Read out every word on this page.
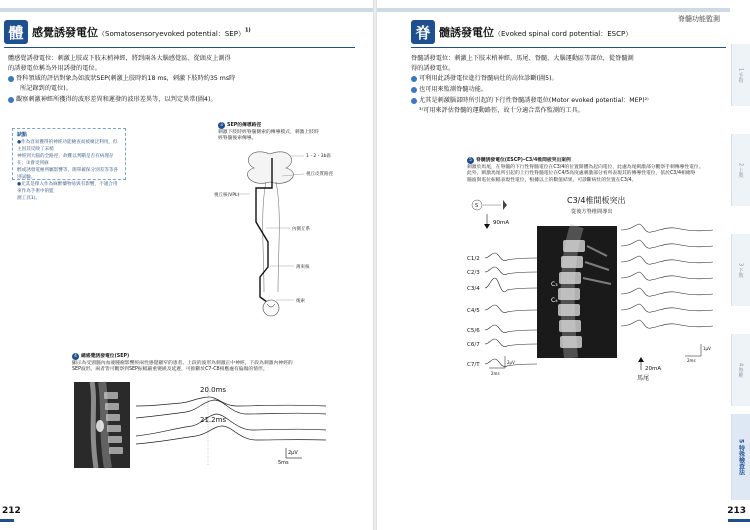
體 感覺誘發電位（Somatosensoryevoked potential：SEP）$^{1)}$
體感覺誘發電位：刺激上肢或下肢末梢神經，將到兩各大腦感覺區、從頭皮上測得
的誘發電位稱為外用誘發的電位。
脊科領域的評估對象為如波狀SEP(刺激上肢時約18 ms，刺激下肢時約35 ms時
所記錄到的電位)。
觀察刺激神經所獲得的波形差異和遲發的波形差異等，以判定異常(圖4)。
缺點
●作為容易獲得的神經功能檢查而被廣泛利用，但主因其反映了末梢
神經到大腦的全路徑，故難以判斷是否有病理存在；②會受到麻
醉或誘發電極所屬影響等，簡單確保分別差等等各別試驗。
●尤其是擇入作為麻醉藥物易與有影響，不適合用來作為手術中的監
測工具1)。
3 SEP的傳導路徑
刺激下肢時經脊髓側索的傳導模式，刺激上肢時
經脊髓後索傳導。
1・2・3b區
視丘皮質路徑
視丘核(VPL)
內側丘系
薄束核
後索
4 總感覺誘發電位(SEP)
顯示為受頸髓內血液腫瘤影響經兩性感覺顯窄的患者。上段的波形為刺激正中神經，下段為刺激內神經的
SEP波形。兩者皆可觀察到SEP振幅嚴重變緩及延遲，可推斷於C7-C8相應處有偏傷的情形。
20.0ms
21.2ms
2μV
5ms
212
脊髓功能監測
脊 髓誘發電位（Evoked spinal cord potential：ESCP）
脊髓誘發電位：刺激上下肢末梢神經、馬尾、脊髓、大腦運動區等部位，從脊髓測
得的誘發電位。
可利用此誘發電位進行脊髓病灶的高位診斷(圖5)。
也可用來監測脊髓功能。
尤其是刺激腦部時所引起的下行性脊髓誘發電位(Motor evoked potential：MEP)²⁾
³⁾可用來評估脊髓的運動路徑，故十分適合當作監測的工具。
5 脊髓誘發電位(ESCP)–C3/4椎間板突出案例
刺激於馬尾，在脊髓的下行性脊髓電位在C3/4的位置開體為起向電位，此處為尾刺激部分觀察手刺傳導性電位。
此外，刺激馬尾所引起的上行性脊髓電位在C4/5高度處刺激部分看所表現其的傳導性電位，依於C3/4相總脊
髓波與電位振幅表現性電位，根據以上的數值結果，可診斷病灶的位置在C3/4。
C3/4椎間板突出
從後方脊椎間導出
S
90mA
C1/2
C2/3
C3/4
C4/5
C5/6
C6/7
C7/T	2μV
2ms
C₃
C₄
1μV
2ms
20mA
馬尾
1 手指
2 上肢
3 下肢
4 脊椎
5 特殊檢查法
213
